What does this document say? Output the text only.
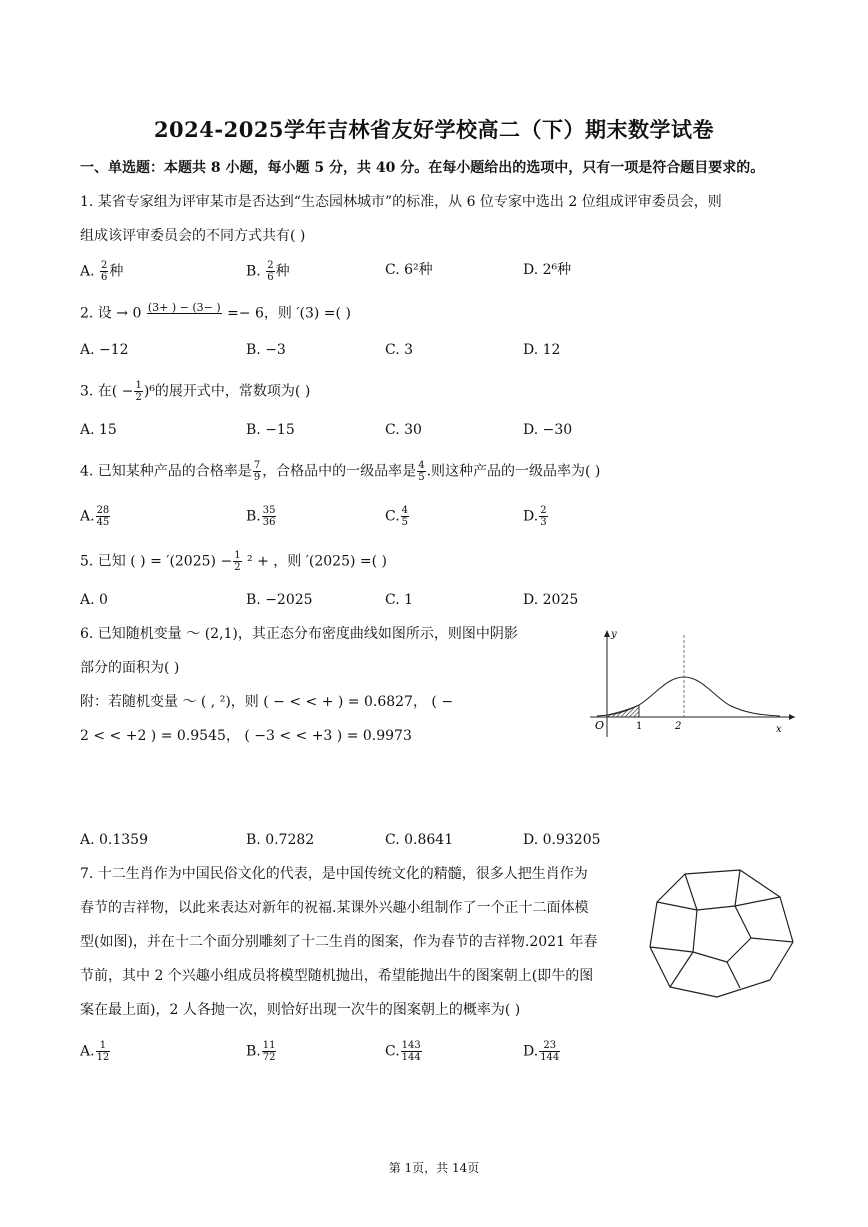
2024-2025学年吉林省友好学校高二（下）期末数学试卷
一、单选题：本题共 8 小题，每小题 5 分，共 40 分。在每小题给出的选项中，只有一项是符合题目要求的。
1. 某省专家组为评审某市是否达到“生态园林城市”的标准，从 6 位专家中选出 2 位组成评审委员会，则
组成该评审委员会的不同方式共有( )
A. $\frac{2}{6}$ 种	B. $\frac{2}{6}$ 种	C. 6²种	D. 2⁶种
2. 设 → 0 (3+ ) − (3− )
=− 6，则 ′(3) =( )
A. −12	B. −3	C. 3	D. 12
3. 在( − $\frac{1}{2} )^6$的展开式中，常数项为( )
A. 15	B. −15	C. 30	D. −30
4. 已知某种产品的合格率是 $\frac{7}{9}$ ，合格品中的一级品率是 $\frac{4}{5}$ .则这种产品的一级品率为( )
A. $\frac{28}{45}$	B. $\frac{35}{36}$	C. $\frac{4}{5}$	D. $\frac{2}{3}$
5. 已知 ( ) = $'(2025) - \frac{1}{2} ^2$ + ，则 ′(2025) =( )
A. 0	B. −2025	C. 1	D. 2025
6. 已知随机变量 ～ (2,1)，其正态分布密度曲线如图所示，则图中阴影
部分的面积为( )
附：若随机变量 ～ ( , ²)，则 ( − < < + ) = 0.6827， ( −
2 < < +2 ) = 0.9545， ( −3 < < +3 ) = 0.9973
y
O	1	2	x
A. 0.1359	B. 0.7282	C. 0.8641	D. 0.93205
7. 十二生肖作为中国民俗文化的代表，是中国传统文化的精髓，很多人把生肖作为
春节的吉祥物，以此来表达对新年的祝福.某课外兴趣小组制作了一个正十二面体模
型(如图)，并在十二个面分别雕刻了十二生肖的图案，作为春节的吉祥物.2021 年春
节前，其中 2 个兴趣小组成员将模型随机抛出，希望能抛出牛的图案朝上(即牛的图
案在最上面)，2 人各抛一次，则恰好出现一次牛的图案朝上的概率为( )
A. $\frac{1}{12}$	B. $\frac{11}{72}$	C. $\frac{143}{144}$	D. $\frac{23}{144}$
第 1页，共 14页
